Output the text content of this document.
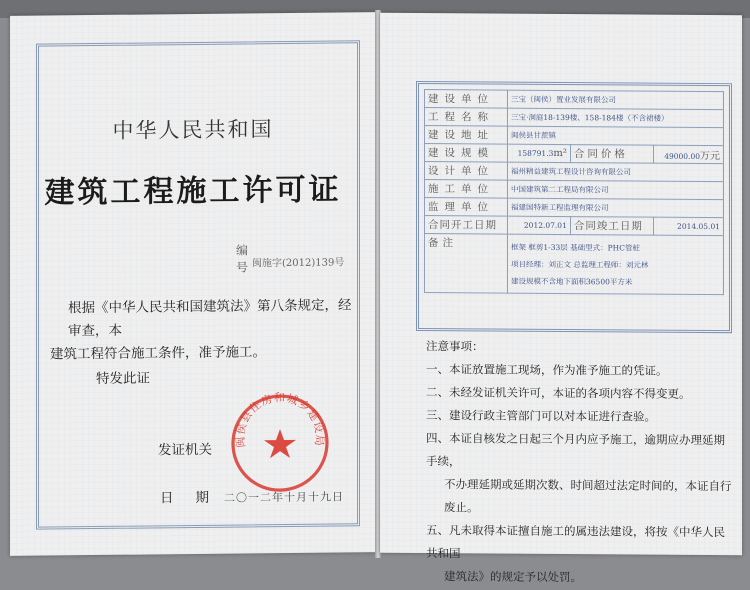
中华人民共和国
建筑工程施工许可证
编号 闽施字(2012)139号
根据《中华人民共和国建筑法》第八条规定，经审查，本
建筑工程符合施工条件，准予施工。
特发此证
发证机关
闽侯县住房和城乡建设局
日期
二〇一二年十月十九日
建设单位	三宝（闽侯）置业发展有限公司		
工程名称	三宝·洞庭18-139楼、158-184楼（不含裙楼）		
建设地址	闽侯县甘蔗镇		
建设规模	158791.3m²	合同价格	49000.00万元
设计单位	福州精益建筑工程设计咨询有限公司		
施工单位	中国建筑第二工程局有限公司		
监理单位	福建国特新工程监理有限公司		
合同开工日期	2012.07.01	合同竣工日期	2014.05.01
备注	框架 框剪1-33层 基础型式：PHC管桩
项目经理：刘正文 总监理工程师：刘元林
建设规模不含地下面积36500平方米		
注意事项：
一、本证放置施工现场，作为准予施工的凭证。
二、未经发证机关许可，本证的各项内容不得变更。
三、建设行政主管部门可以对本证进行查验。
四、本证自核发之日起三个月内应予施工，逾期应办理延期手续，
不办理延期或延期次数、时间超过法定时间的，本证自行废止。
五、凡未取得本证擅自施工的属违法建设，将按《中华人民共和国
建筑法》的规定予以处罚。
